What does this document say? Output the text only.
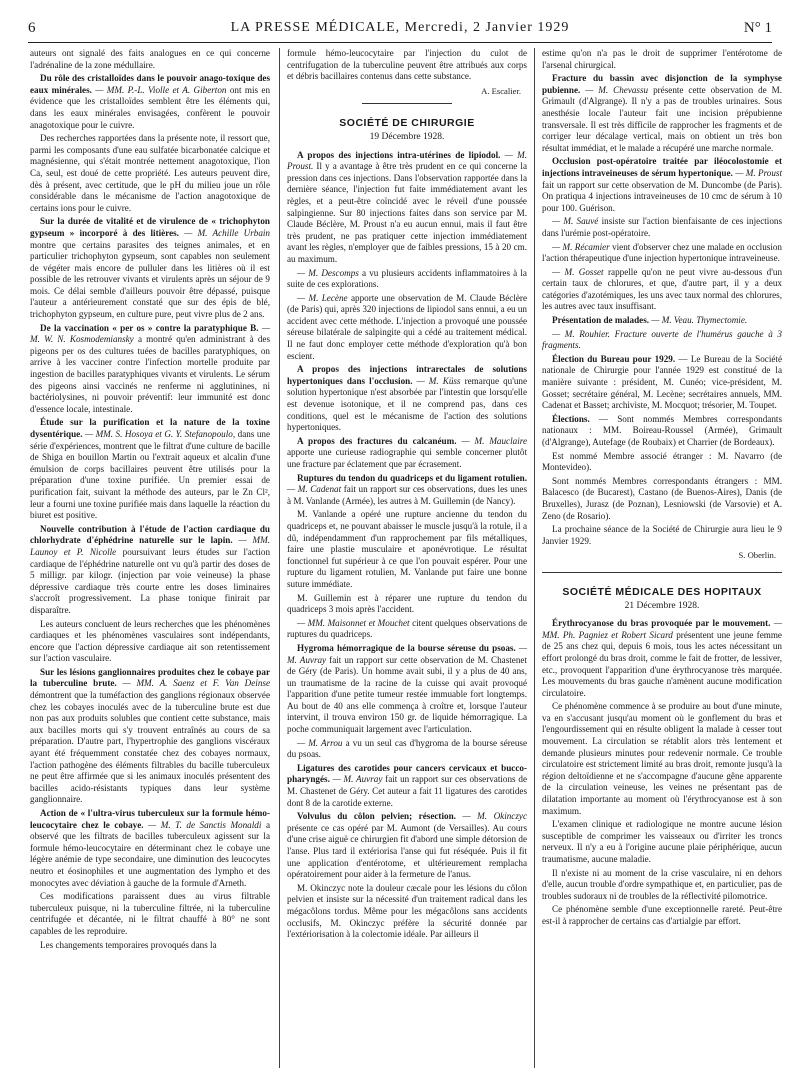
6	LA PRESSE MÉDICALE, Mercredi, 2 Janvier 1929	N° 1

auteurs ont signalé des faits analogues en ce qui concerne l'adrénaline de la zone médullaire.

Du rôle des cristalloïdes dans le pouvoir anago-toxique des eaux minérales. — MM. P.-L. Violle et A. Giberton ont mis en évidence que les cristalloïdes semblent être les éléments qui, dans les eaux minérales envisagées, confèrent le pouvoir anagotoxique pour le cuivre.

Des recherches rapportées dans la présente note, il ressort que, parmi les composants d'une eau sulfatée bicarbonatée calcique et magnésienne, qui s'était montrée nettement anagotoxique, l'ion Ca, seul, est doué de cette propriété. Les auteurs peuvent dire, dès à présent, avec certitude, que le pH du milieu joue un rôle considérable dans le mécanisme de l'action anagotoxique de certains ions pour le cuivre.

Sur la durée de vitalité et de virulence de « trichophyton gypseum » incorporé à des litières. — M. Achille Urbain montre que certains parasites des teignes animales, et en particulier trichophyton gypseum, sont capables non seulement de végéter mais encore de pulluler dans les litières où il est possible de les retrouver vivants et virulents après un séjour de 9 mois. Ce délai semble d'ailleurs pouvoir être dépassé, puisque l'auteur a antérieurement constaté que sur des épis de blé, trichophyton gypseum, en culture pure, peut vivre plus de 2 ans.

De la vaccination « per os » contre la paratyphique B. — M. W. N. Kosmodemiansky a montré qu'en administrant à des pigeons per os des cultures tuées de bacilles paratyphiques, on arrive à les vacciner contre l'infection mortelle produite par ingestion de bacilles paratyphiques vivants et virulents. Le sérum des pigeons ainsi vaccinés ne renferme ni agglutinines, ni bactériolysines, ni pouvoir préventif: leur immunité est donc d'essence locale, intestinale.

Étude sur la purification et la nature de la toxine dysentérique. — MM. S. Hosoya et G. Y. Stefanopoulo, dans une série d'expériences, montrent que le filtrat d'une culture de bacille de Shiga en bouillon Martin ou l'extrait aqueux et alcalin d'une émulsion de corps bacillaires peuvent être utilisés pour la préparation d'une toxine purifiée. Un premier essai de purification fait, suivant la méthode des auteurs, par le Zn Cl², leur a fourni une toxine purifiée mais dans laquelle la réaction du biuret est positive.

Nouvelle contribution à l'étude de l'action cardiaque du chlorhydrate d'éphédrine naturelle sur le lapin. — MM. Launoy et P. Nicolle poursuivant leurs études sur l'action cardiaque de l'éphédrine naturelle ont vu qu'à partir des doses de 5 milligr. par kilogr. (injection par voie veineuse) la phase dépressive cardiaque très courte entre les doses liminaires s'accroît progressivement. La phase tonique finirait par disparaître.

Les auteurs concluent de leurs recherches que les phénomènes cardiaques et les phénomènes vasculaires sont indépendants, encore que l'action dépressive cardiaque ait son retentissement sur l'action vasculaire.

Sur les lésions ganglionnaires produites chez le cobaye par la tuberculine brute. — MM. A. Saenz et F. Van Deinse démontrent que la tuméfaction des ganglions régionaux observée chez les cobayes inoculés avec de la tuberculine brute est due non pas aux produits solubles que contient cette substance, mais aux bacilles morts qui s'y trouvent entraînés au cours de sa préparation. D'autre part, l'hypertrophie des ganglions viscéraux ayant été fréquemment constatée chez des cobayes normaux, l'action pathogène des éléments filtrables du bacille tuberculeux ne peut être affirmée que si les animaux inoculés présentent des bacilles acido-résistants typiques dans leur système ganglionnaire.

Action de « l'ultra-virus tuberculeux sur la formule hémo-leucocytaire chez le cobaye. — M. T. de Sanctis Monaldi a observé que les filtrats de bacilles tuberculeux agissent sur la formule hémo-leucocytaire en déterminant chez le cobaye une légère anémie de type secondaire, une diminution des leucocytes neutro et éosinophiles et une augmentation des lympho et des monocytes avec déviation à gauche de la formule d'Arneth.

Ces modifications paraissent dues au virus filtrable tuberculeux puisque, ni la tuberculine filtrée, ni la tuberculine centrifugée et décantée, ni le filtrat chauffé à 80° ne sont capables de les reproduire.

Les changements temporaires provoqués dans la

formule hémo-leucocytaire par l'injection du culot de centrifugation de la tuberculine peuvent être attribués aux corps et débris bacillaires contenus dans cette substance.

A. Escalier.

SOCIÉTÉ DE CHIRURGIE

19 Décembre 1928.

A propos des injections intra-utérines de lipiodol. — M. Proust. Il y a avantage à être très prudent en ce qui concerne la pression dans ces injections. Dans l'observation rapportée dans la dernière séance, l'injection fut faite immédiatement avant les règles, et a peut-être coïncidé avec le réveil d'une poussée salpingienne. Sur 80 injections faites dans son service par M. Claude Béclère, M. Proust n'a eu aucun ennui, mais il faut être très prudent, ne pas pratiquer cette injection immédiatement avant les règles, n'employer que de faibles pressions, 15 à 20 cm. au maximum.

— M. Descomps a vu plusieurs accidents inflammatoires à la suite de ces explorations.

— M. Lecène apporte une observation de M. Claude Béclère (de Paris) qui, après 320 injections de lipiodol sans ennui, a eu un accident avec cette méthode. L'injection a provoqué une poussée séreuse bilatérale de salpingite qui a cédé au traitement médical. Il ne faut donc employer cette méthode d'exploration qu'à bon escient.

A propos des injections intrarectales de solutions hypertoniques dans l'occlusion. — M. Küss remarque qu'une solution hypertonique n'est absorbée par l'intestin que lorsqu'elle est devenue isotonique, et il ne comprend pas, dans ces conditions, quel est le mécanisme de l'action des solutions hypertoniques.

A propos des fractures du calcanéum. — M. Mauclaire apporte une curieuse radiographie qui semble concerner plutôt une fracture par éclatement que par écrasement.

Ruptures du tendon du quadriceps et du ligament rotulien. — M. Cadenat fait un rapport sur ces observations, dues les unes à M. Vanlande (Armée), les autres à M. Guillemin (de Nancy).

M. Vanlande a opéré une rupture ancienne du tendon du quadriceps et, ne pouvant abaisser le muscle jusqu'à la rotule, il a dû, indépendamment d'un rapprochement par fils métalliques, faire une plastie musculaire et aponévrotique. Le résultat fonctionnel fut supérieur à ce que l'on pouvait espérer. Pour une rupture du ligament rotulien, M. Vanlande put faire une bonne suture immédiate.

M. Guillemin est à réparer une rupture du tendon du quadriceps 3 mois après l'accident.

— MM. Maisonnet et Mouchet citent quelques observations de ruptures du quadriceps.

Hygroma hémorragique de la bourse séreuse du psoas. — M. Auvray fait un rapport sur cette observation de M. Chastenet de Géry (de Paris). Un homme avait subi, il y a plus de 40 ans, un traumatisme de la racine de la cuisse qui avait provoqué l'apparition d'une petite tumeur restée immuable fort longtemps. Au bout de 40 ans elle commença à croître et, lorsque l'auteur intervint, il trouva environ 150 gr. de liquide hémorragique. La poche communiquait largement avec l'articulation.

— M. Arrou a vu un seul cas d'hygroma de la bourse séreuse du psoas.

Ligatures des carotides pour cancers cervicaux et bucco-pharyngés. — M. Auvray fait un rapport sur ces observations de M. Chastenet de Géry. Cet auteur a fait 11 ligatures des carotides dont 8 de la carotide externe.

Volvulus du côlon pelvien; résection. — M. Okinczyc présente ce cas opéré par M. Aumont (de Versailles). Au cours d'une crise aiguë ce chirurgien fit d'abord une simple détorsion de l'anse. Plus tard il extériorisa l'anse qui fut réséquée. Puis il fit une application d'entérotome, et ultérieurement remplacha opératoirement pour aider à la fermeture de l'anus.

M. Okinczyc note la douleur cæcale pour les lésions du côlon pelvien et insiste sur la nécessité d'un traitement radical dans les mégacôlons tordus. Même pour les mégacôlons sans accidents occlusifs, M. Okinczyc préfère la sécurité donnée par l'extériorisation à la colectomie idéale. Par ailleurs il

estime qu'on n'a pas le droit de supprimer l'entérotome de l'arsenal chirurgical.

Fracture du bassin avec disjonction de la symphyse pubienne. — M. Chevassu présente cette observation de M. Grimault (d'Algrange). Il n'y a pas de troubles urinaires. Sous anesthésie locale l'auteur fait une incision prépubienne transversale. Il est très difficile de rapprocher les fragments et de corriger leur décalage vertical, mais on obtient un très bon résultat immédiat, et le malade a récupéré une marche normale.

Occlusion post-opératoire traitée par iléocolostomie et injections intraveineuses de sérum hypertonique. — M. Proust fait un rapport sur cette observation de M. Duncombe (de Paris). On pratiqua 4 injections intraveineuses de 10 cmc de sérum à 10 pour 100. Guérison.

— M. Sauvé insiste sur l'action bienfaisante de ces injections dans l'urémie post-opératoire.

— M. Récamier vient d'observer chez une malade en occlusion l'action thérapeutique d'une injection hypertonique intraveineuse.

— M. Gosset rappelle qu'on ne peut vivre au-dessous d'un certain taux de chlorures, et que, d'autre part, il y a deux catégories d'azotémiques, les uns avec taux normal des chlorures, les autres avec taux insuffisant.

Présentation de malades. — M. Veau. Thymectomie.

— M. Rouhier. Fracture ouverte de l'humérus gauche à 3 fragments.

Élection du Bureau pour 1929. — Le Bureau de la Société nationale de Chirurgie pour l'année 1929 est constitué de la manière suivante : président, M. Cunéo; vice-président, M. Gosset; secrétaire général, M. Lecène; secrétaires annuels, MM. Cadenat et Basset; archiviste, M. Mocquot; trésorier, M. Toupet.

Élections. — Sont nommés Membres correspondants nationaux : MM. Boireau-Roussel (Armée), Grimault (d'Algrange), Autefage (de Roubaix) et Charrier (de Bordeaux).

Est nommé Membre associé étranger : M. Navarro (de Montevideo).

Sont nommés Membres correspondants étrangers : MM. Balacesco (de Bucarest), Castano (de Buenos-Aires), Danis (de Bruxelles), Jurasz (de Poznan), Lesniowski (de Varsovie) et A. Zeno (de Rosario).

La prochaine séance de la Société de Chirurgie aura lieu le 9 Janvier 1929.

S. Oberlin.

SOCIÉTÉ MÉDICALE DES HOPITAUX

21 Décembre 1928.

Érythrocyanose du bras provoquée par le mouvement. — MM. Ph. Pagniez et Robert Sicard présentent une jeune femme de 25 ans chez qui, depuis 6 mois, tous les actes nécessitant un effort prolongé du bras droit, comme le fait de frotter, de lessiver, etc., provoquent l'apparition d'une érythrocyanose très marquée. Les mouvements du bras gauche n'amènent aucune modification circulatoire.

Ce phénomène commence à se produire au bout d'une minute, va en s'accusant jusqu'au moment où le gonflement du bras et l'engourdissement qui en résulte obligent la malade à cesser tout mouvement. La circulation se rétablit alors très lentement et demande plusieurs minutes pour redevenir normale. Ce trouble circulatoire est strictement limité au bras droit, remonte jusqu'à la région deltoïdienne et ne s'accompagne d'aucune gêne apparente de la circulation veineuse, les veines ne présentant pas de dilatation importante au moment où l'érythrocyanose est à son maximum.

L'examen clinique et radiologique ne montre aucune lésion susceptible de comprimer les vaisseaux ou d'irriter les troncs nerveux. Il n'y a eu à l'origine aucune plaie périphérique, aucun traumatisme, aucune maladie.

Il n'existe ni au moment de la crise vasculaire, ni en dehors d'elle, aucun trouble d'ordre sympathique et, en particulier, pas de troubles sudoraux ni de troubles de la réflectivité pilomotrice.

Ce phénomène semble d'une exceptionnelle rareté. Peut-être est-il à rapprocher de certains cas d'artialgie par effort.
